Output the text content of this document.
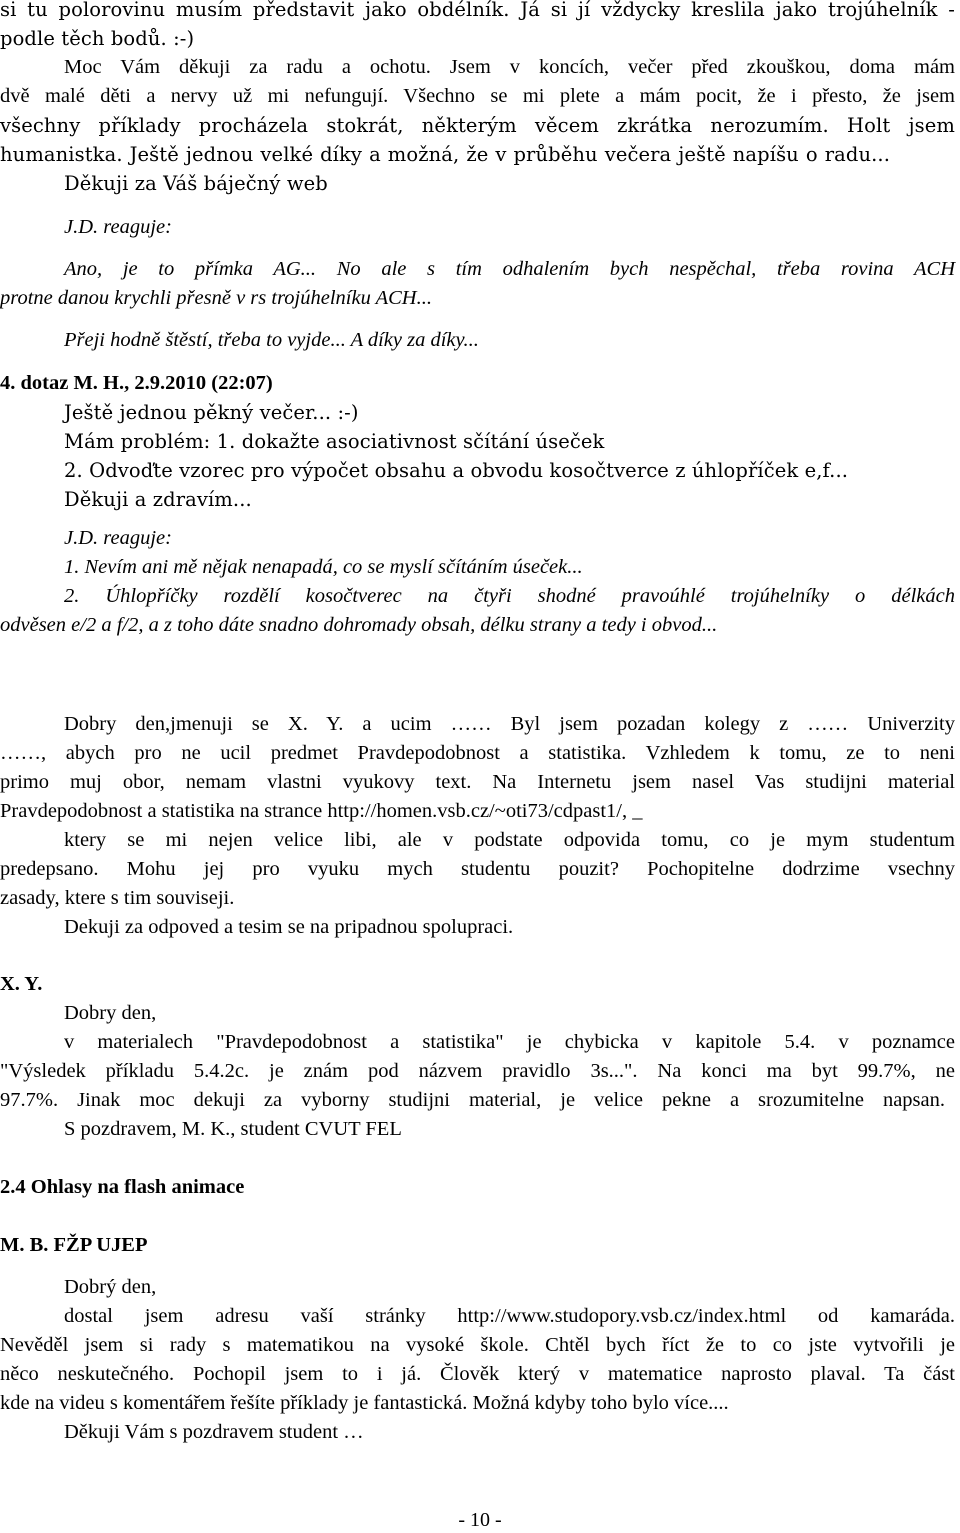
si tu polorovinu musím představit jako obdélník. Já si jí vždycky kreslila jako trojúhelník -

podle těch bodů. :-)

Moc Vám děkuji za radu a ochotu. Jsem v koncích, večer před zkouškou, doma mám

dvě malé děti a nervy už mi nefungují. Všechno se mi plete a mám pocit, že i přesto, že jsem

všechny příklady procházela stokrát, některým věcem zkrátka nerozumím. Holt jsem

humanistka. Ještě jednou velké díky a možná, že v průběhu večera ještě napíšu o radu...

Děkuji za Váš báječný web

J.D. reaguje:

Ano, je to přímka AG... No ale s tím odhalením bych nespěchal, třeba rovina ACH

protne danou krychli přesně v rs trojúhelníku ACH...

Přeji hodně štěstí, třeba to vyjde... A díky za díky...

4. dotaz M. H., 2.9.2010 (22:07)

Ještě jednou pěkný večer... :-)

Mám problém: 1. dokažte asociativnost sčítání úseček

2. Odvoďte vzorec pro výpočet obsahu a obvodu kosočtverce z úhlopříček e,f...

Děkuji a zdravím...

J.D. reaguje:

1. Nevím ani mě nějak nenapadá, co se myslí sčítáním úseček...

2. Úhlopříčky rozdělí kosočtverec na čtyři shodné pravoúhlé trojúhelníky o délkách

odvěsen e/2 a f/2, a z toho dáte snadno dohromady obsah, délku strany a tedy i obvod...

Dobry den,jmenuji se X. Y. a ucim …… Byl jsem pozadan kolegy z …… Univerzity

……, abych pro ne ucil predmet Pravdepodobnost a statistika. Vzhledem k tomu, ze to neni

primo muj obor, nemam vlastni vyukovy text. Na Internetu jsem nasel Vas studijni material

Pravdepodobnost a statistika na strance http://homen.vsb.cz/~oti73/cdpast1/, _

ktery se mi nejen velice libi, ale v podstate odpovida tomu, co je mym studentum

predepsano. Mohu jej pro vyuku mych studentu pouzit? Pochopitelne dodrzime vsechny

zasady, ktere s tim souviseji.

Dekuji za odpoved a tesim se na pripadnou spolupraci.

X. Y.

Dobry den,

v materialech "Pravdepodobnost a statistika" je chybicka v kapitole 5.4. v poznamce

"Výsledek příkladu 5.4.2c. je znám pod názvem pravidlo 3s...". Na konci ma byt 99.7%, ne

97.7%. Jinak moc dekuji za vyborny studijni material, je velice pekne a srozumitelne napsan.

S pozdravem, M. K., student CVUT FEL

2.4 Ohlasy na flash animace

M. B. FŽP UJEP

Dobrý den,

dostal jsem adresu vaší stránky http://www.studopory.vsb.cz/index.html od kamaráda.

Nevěděl jsem si rady s matematikou na vysoké škole. Chtěl bych říct že to co jste vytvořili je

něco neskutečného. Pochopil jsem to i já. Člověk který v matematice naprosto plaval. Ta část

kde na videu s komentářem řešíte příklady je fantastická. Možná kdyby toho bylo více....

Děkuji Vám s pozdravem student …

- 10 -
